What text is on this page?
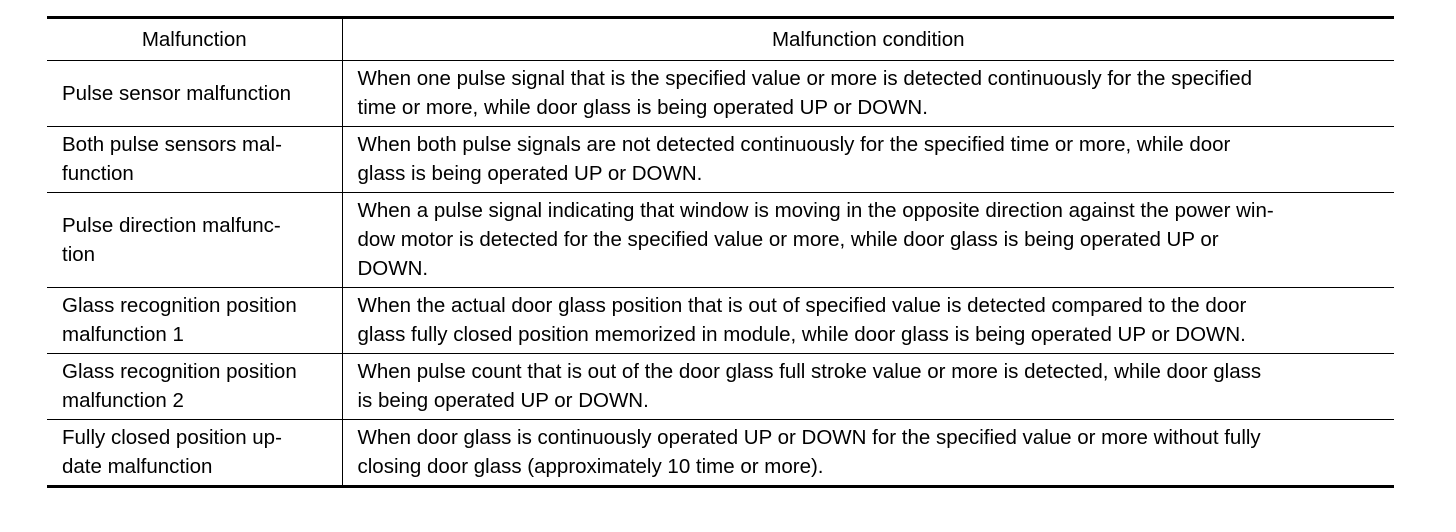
Malfunction	Malfunction condition

Pulse sensor malfunction	When one pulse signal that is the specified value or more is detected continuously for the specified
time or more, while door glass is being operated UP or DOWN.

Both pulse sensors mal-
function	When both pulse signals are not detected continuously for the specified time or more, while door
glass is being operated UP or DOWN.

Pulse direction malfunc-
tion	When a pulse signal indicating that window is moving in the opposite direction against the power win-
dow motor is detected for the specified value or more, while door glass is being operated UP or
DOWN.

Glass recognition position
malfunction 1	When the actual door glass position that is out of specified value is detected compared to the door
glass fully closed position memorized in module, while door glass is being operated UP or DOWN.

Glass recognition position
malfunction 2	When pulse count that is out of the door glass full stroke value or more is detected, while door glass
is being operated UP or DOWN.

Fully closed position up-
date malfunction	When door glass is continuously operated UP or DOWN for the specified value or more without fully
closing door glass (approximately 10 time or more).
